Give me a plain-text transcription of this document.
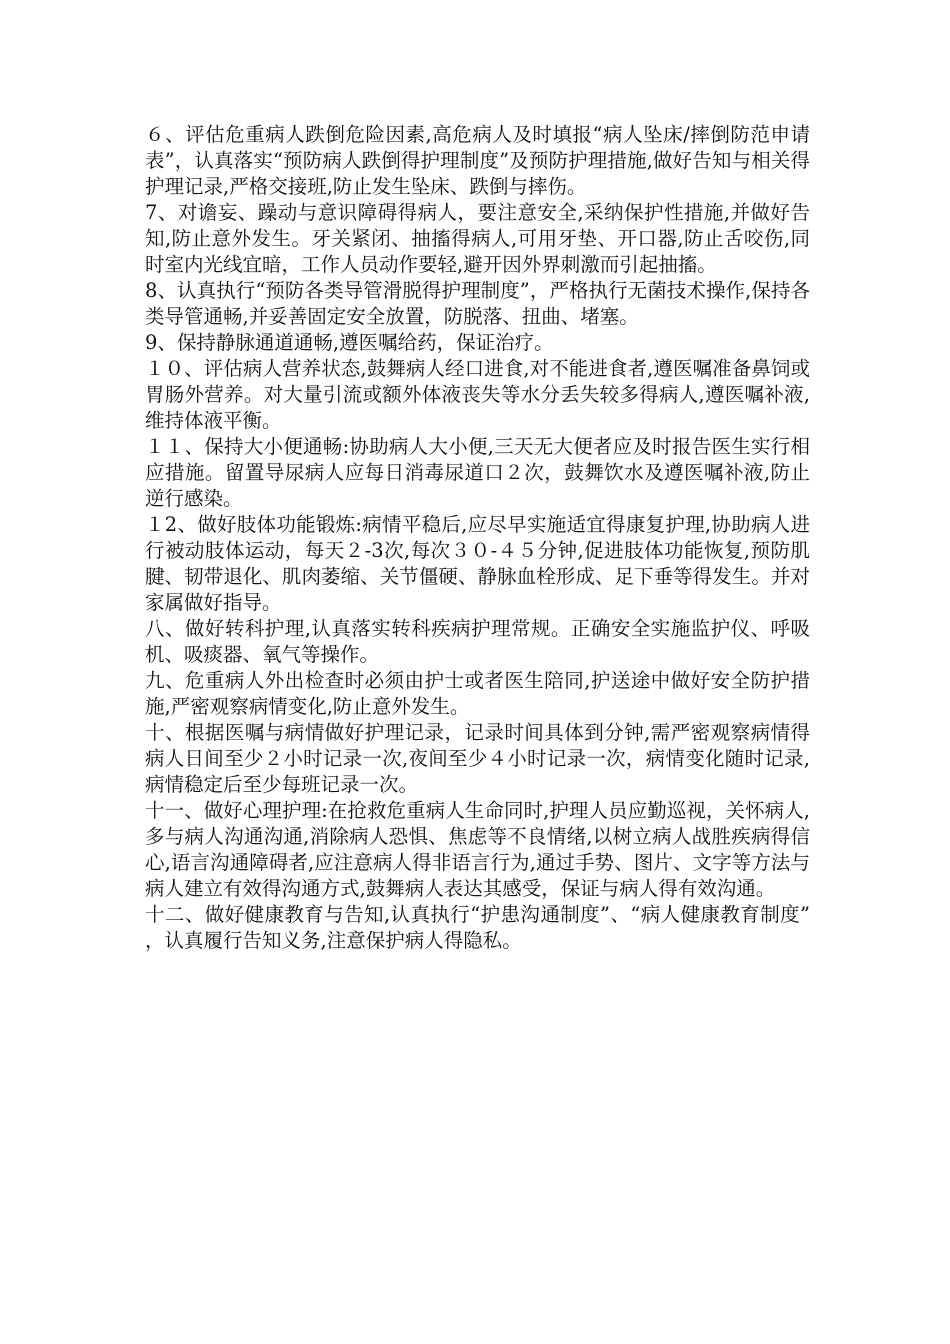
６、评估危重病人跌倒危险因素,高危病人及时填报“病人坠床/摔倒防范申请表”，认真落实“预防病人跌倒得护理制度”及预防护理措施,做好告知与相关得护理记录,严格交接班,防止发生坠床、跌倒与摔伤。

7、对谵妄、躁动与意识障碍得病人，要注意安全,采纳保护性措施,并做好告知,防止意外发生。牙关紧闭、抽搐得病人,可用牙垫、开口器,防止舌咬伤,同时室内光线宜暗，工作人员动作要轻,避开因外界刺激而引起抽搐。

8、认真执行“预防各类导管滑脱得护理制度”，严格执行无菌技术操作,保持各类导管通畅,并妥善固定安全放置，防脱落、扭曲、堵塞。

9、保持静脉通道通畅,遵医嘱给药，保证治疗。

１０、评估病人营养状态,鼓舞病人经口进食,对不能进食者,遵医嘱准备鼻饲或胃肠外营养。对大量引流或额外体液丧失等水分丢失较多得病人,遵医嘱补液,维持体液平衡。

１１、保持大小便通畅:协助病人大小便,三天无大便者应及时报告医生实行相应措施。留置导尿病人应每日消毒尿道口２次，鼓舞饮水及遵医嘱补液,防止逆行感染。

１2、做好肢体功能锻炼:病情平稳后,应尽早实施适宜得康复护理,协助病人进行被动肢体运动，每天２-3次,每次３０-４５分钟,促进肢体功能恢复,预防肌腱、韧带退化、肌肉萎缩、关节僵硬、静脉血栓形成、足下垂等得发生。并对家属做好指导。

八、做好转科护理,认真落实转科疾病护理常规。正确安全实施监护仪、呼吸机、吸痰器、氧气等操作。

九、危重病人外出检查时必须由护士或者医生陪同,护送途中做好安全防护措施,严密观察病情变化,防止意外发生。

十、根据医嘱与病情做好护理记录，记录时间具体到分钟,需严密观察病情得病人日间至少２小时记录一次,夜间至少４小时记录一次，病情变化随时记录,病情稳定后至少每班记录一次。

十一、做好心理护理:在抢救危重病人生命同时,护理人员应勤巡视，关怀病人,多与病人沟通沟通,消除病人恐惧、焦虑等不良情绪,以树立病人战胜疾病得信心,语言沟通障碍者,应注意病人得非语言行为,通过手势、图片、文字等方法与病人建立有效得沟通方式,鼓舞病人表达其感受，保证与病人得有效沟通。

十二、做好健康教育与告知,认真执行“护患沟通制度”、“病人健康教育制度”，认真履行告知义务,注意保护病人得隐私。
